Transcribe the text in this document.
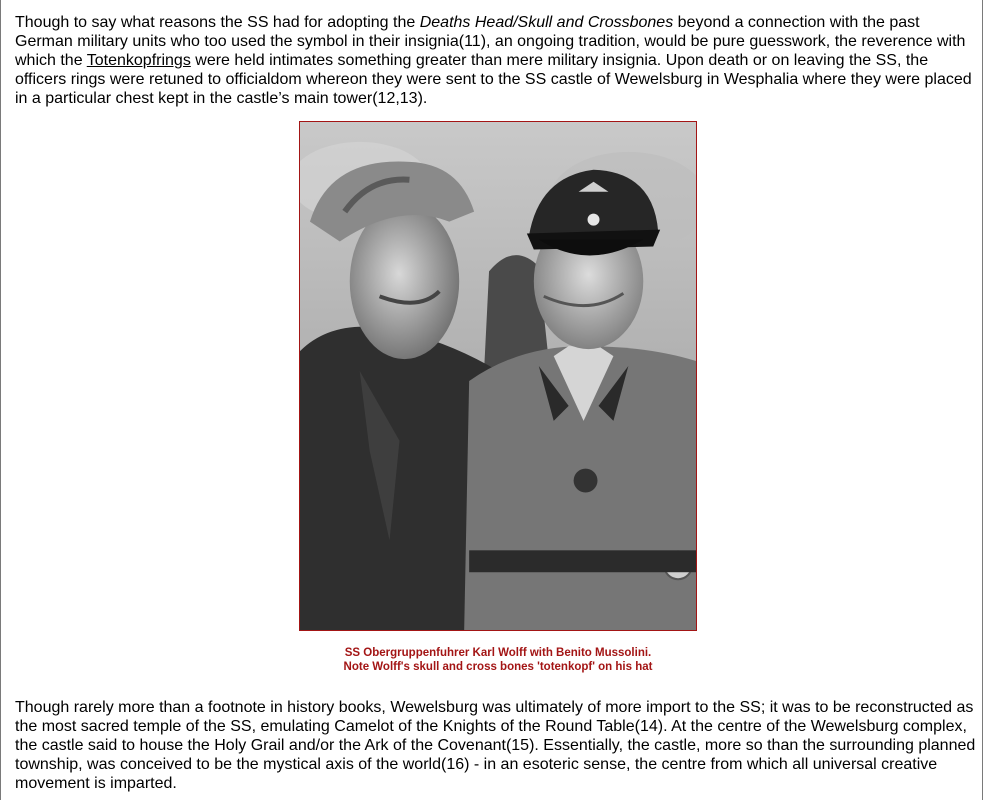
Though to say what reasons the SS had for adopting the Deaths Head/Skull and Crossbones beyond a connection with the past German military units who too used the symbol in their insignia(11), an ongoing tradition, would be pure guesswork, the reverence with which the Totenkopfrings were held intimates something greater than mere military insignia. Upon death or on leaving the SS, the officers rings were retuned to officialdom whereon they were sent to the SS castle of Wewelsburg in Wesphalia where they were placed in a particular chest kept in the castle’s main tower(12,13).

SS Obergruppenfuhrer Karl Wolff with Benito Mussolini.
Note Wolff's skull and cross bones 'totenkopf' on his hat

Though rarely more than a footnote in history books, Wewelsburg was ultimately of more import to the SS; it was to be reconstructed as the most sacred temple of the SS, emulating Camelot of the Knights of the Round Table(14). At the centre of the Wewelsburg complex, the castle said to house the Holy Grail and/or the Ark of the Covenant(15). Essentially, the castle, more so than the surrounding planned township, was conceived to be the mystical axis of the world(16) - in an esoteric sense, the centre from which all universal creative movement is imparted.
